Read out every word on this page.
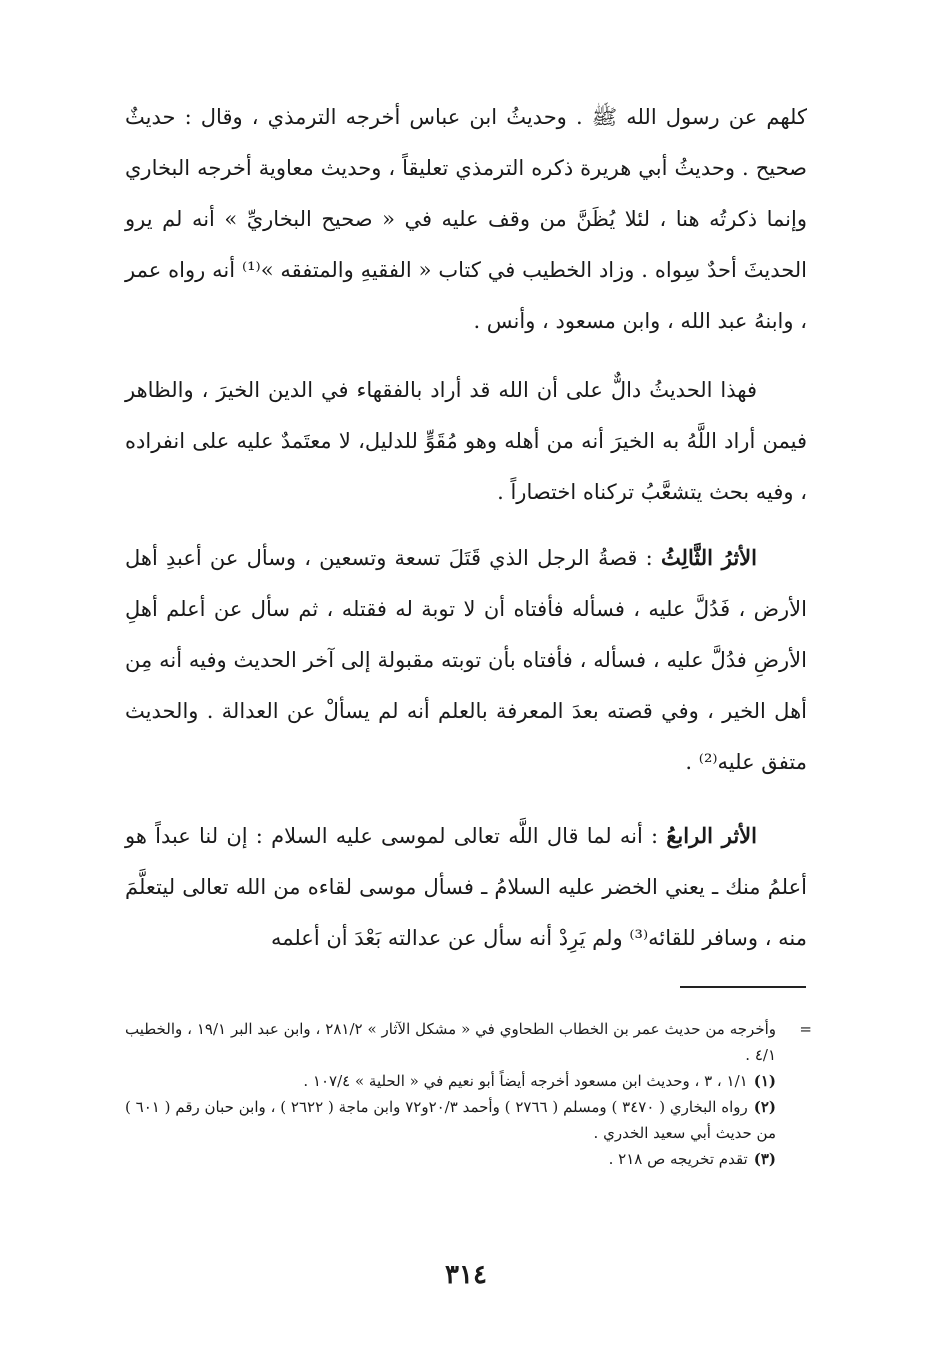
كلهم عن رسول الله ﷺ . وحديثُ ابن عباس أخرجه الترمذي ، وقال : حديثٌ صحيح . وحديثُ أبي هريرة ذكره الترمذي تعليقاً ، وحديث معاوية أخرجه البخاري وإنما ذكرتُه هنا ، لئلا يُظَنَّ من وقف عليه في « صحيح البخاريِّ » أنه لم يرو الحديثَ أحدٌ سِواه . وزاد الخطيب في كتاب « الفقيهِ والمتفقه »⁽¹⁾ أنه رواه عمر ، وابنهُ عبد الله ، وابن مسعود ، وأنس .

فهذا الحديثُ دالٌّ على أن الله قد أراد بالفقهاء في الدين الخيرَ ، والظاهر فيمن أراد اللَّهُ به الخيرَ أنه من أهله وهو مُقَوٍّ للدليل، لا معتَمدٌ عليه على انفراده ، وفيه بحث يتشعَّبُ تركناه اختصاراً .

الأثرُ الثَّالِثُ : قصةُ الرجل الذي قَتَلَ تسعة وتسعين ، وسأل عن أعبدِ أهل الأرض ، فَدُلَّ عليه ، فسأله فأفتاه أن لا توبة له فقتله ، ثم سأل عن أعلم أهلِ الأرضِ فدُلَّ عليه ، فسأله ، فأفتاه بأن توبته مقبولة إلى آخر الحديث وفيه أنه مِن أهل الخير ، وفي قصته بعدَ المعرفة بالعلم أنه لم يسألْ عن العدالة . والحديث متفق عليه⁽²⁾ .

الأثر الرابعُ : أنه لما قال اللَّه تعالى لموسى عليه السلام : إن لنا عبداً هو أعلمُ منك ـ يعني الخضر عليه السلامُ ـ فسأل موسى لقاءه من الله تعالى ليتعلَّمَ منه ، وسافر للقائه⁽³⁾ ولم يَرِدْ أنه سأل عن عدالته بَعْدَ أن أعلمه

=
وأخرجه من حديث عمر بن الخطاب الطحاوي في « مشكل الآثار » ٢٨١/٢ ، وابن عبد البر ١٩/١ ، والخطيب ٤/١ .

(١)١/١ ، ٣ ، وحديث ابن مسعود أخرجه أيضاً أبو نعيم في « الحلية » ١٠٧/٤ .

(٢)رواه البخاري ( ٣٤٧٠ ) ومسلم ( ٢٧٦٦ ) وأحمد ٢٠/٣و٧٢ وابن ماجة ( ٢٦٢٢ ) ، وابن حبان رقم ( ٦٠١ ) من حديث أبي سعيد الخدري .

(٣)تقدم تخريجه ص ٢١٨ .

٣١٤
